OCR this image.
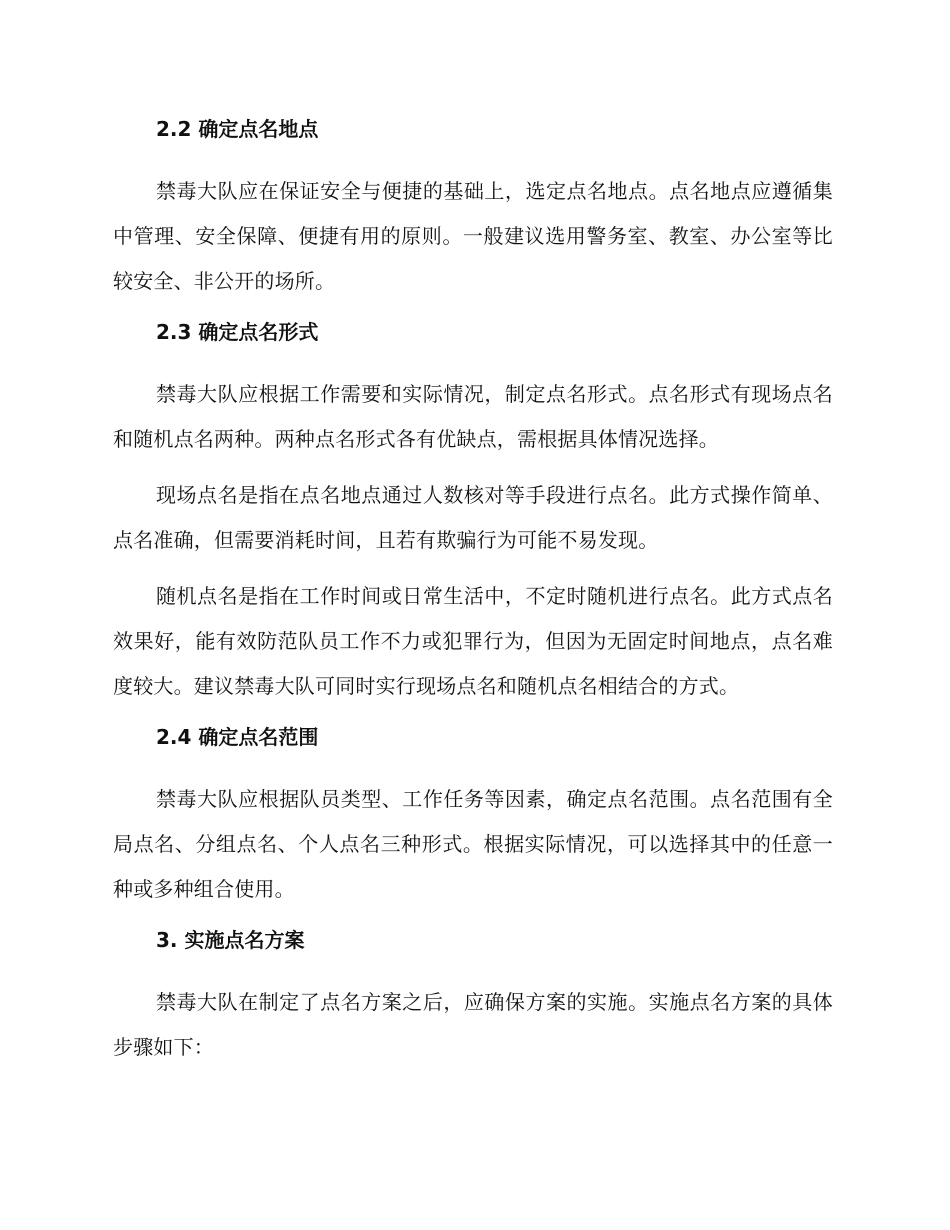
2.2 确定点名地点

禁毒大队应在保证安全与便捷的基础上，选定点名地点。点名地点应遵循集中管理、安全保障、便捷有用的原则。一般建议选用警务室、教室、办公室等比较安全、非公开的场所。

2.3 确定点名形式

禁毒大队应根据工作需要和实际情况，制定点名形式。点名形式有现场点名和随机点名两种。两种点名形式各有优缺点，需根据具体情况选择。

现场点名是指在点名地点通过人数核对等手段进行点名。此方式操作简单、点名准确，但需要消耗时间，且若有欺骗行为可能不易发现。

随机点名是指在工作时间或日常生活中，不定时随机进行点名。此方式点名效果好，能有效防范队员工作不力或犯罪行为，但因为无固定时间地点，点名难度较大。建议禁毒大队可同时实行现场点名和随机点名相结合的方式。

2.4 确定点名范围

禁毒大队应根据队员类型、工作任务等因素，确定点名范围。点名范围有全局点名、分组点名、个人点名三种形式。根据实际情况，可以选择其中的任意一种或多种组合使用。

3. 实施点名方案

禁毒大队在制定了点名方案之后，应确保方案的实施。实施点名方案的具体步骤如下：
